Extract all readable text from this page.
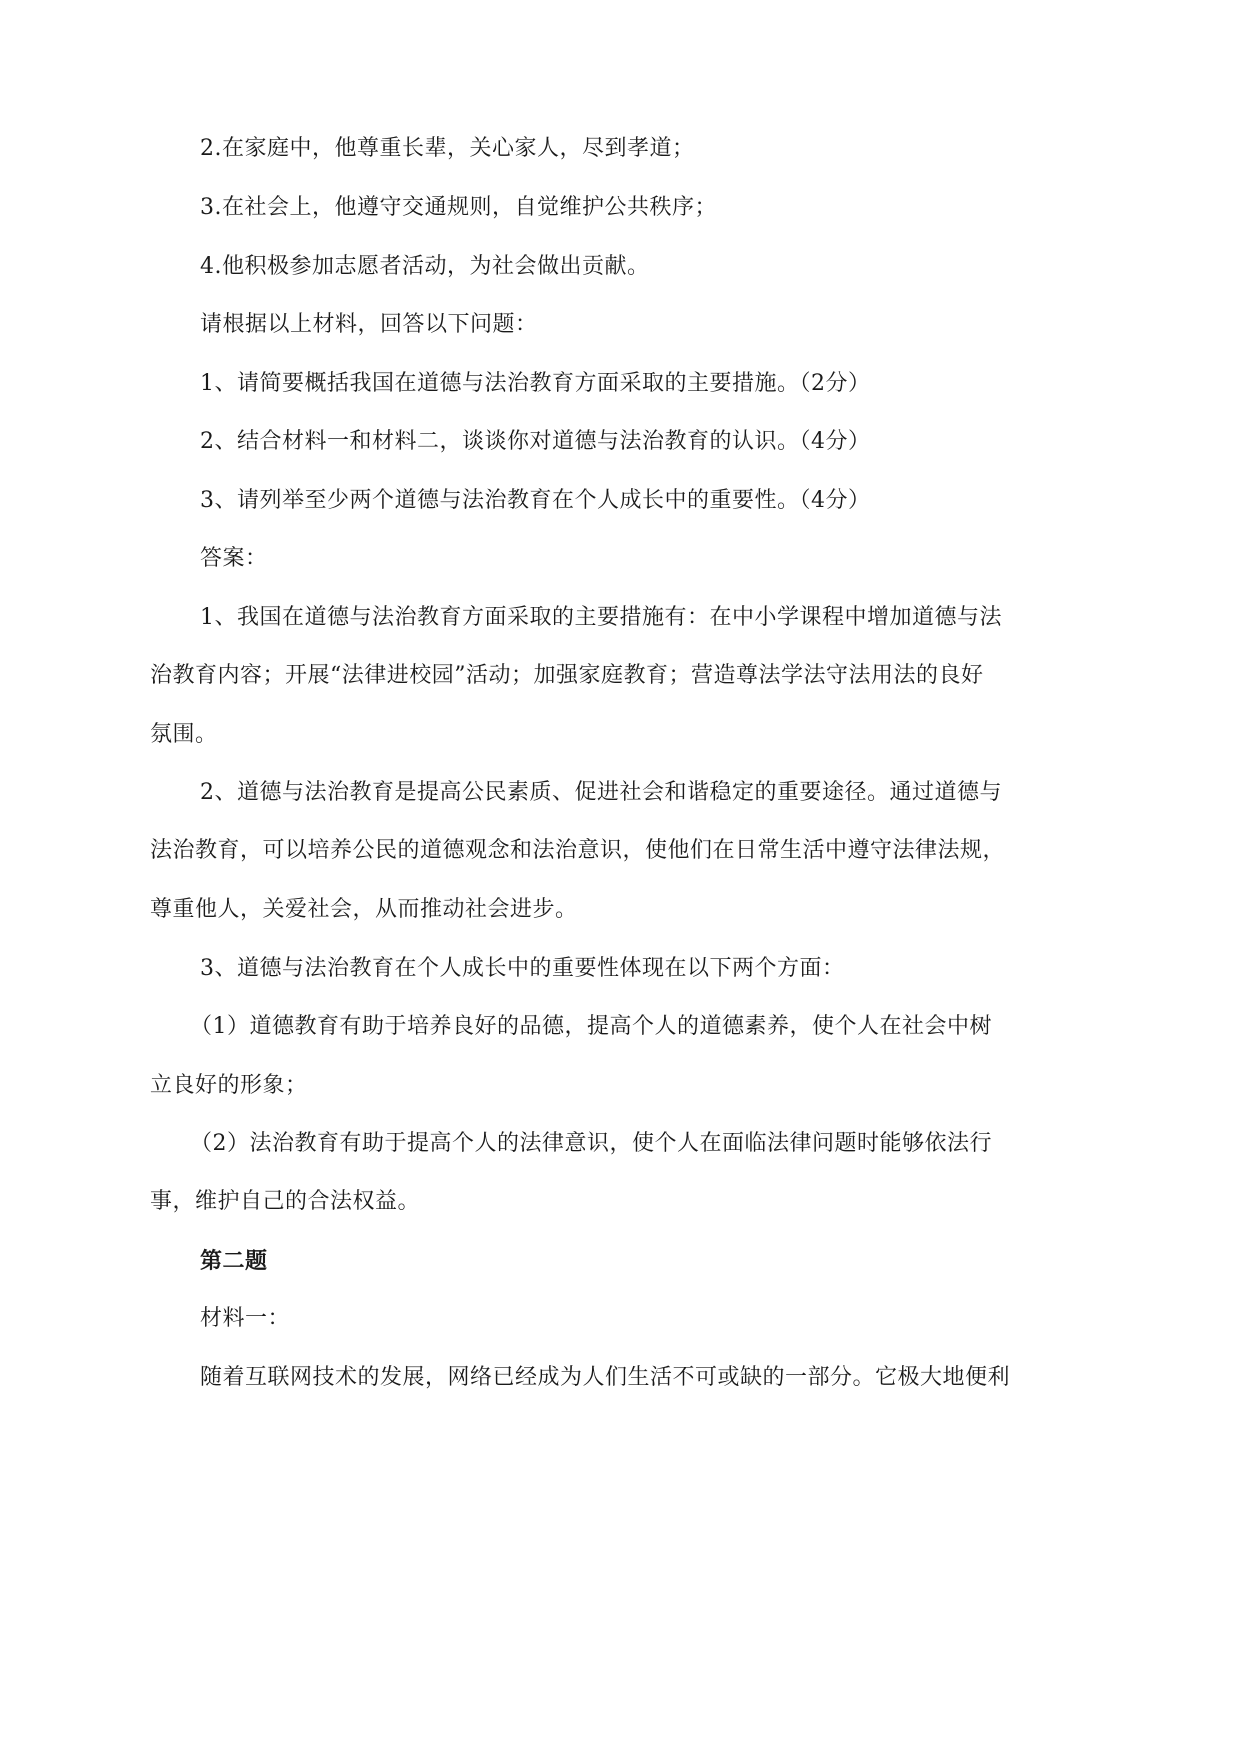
2.在家庭中，他尊重长辈，关心家人，尽到孝道；
3.在社会上，他遵守交通规则，自觉维护公共秩序；
4.他积极参加志愿者活动，为社会做出贡献。
请根据以上材料，回答以下问题：
1、请简要概括我国在道德与法治教育方面采取的主要措施。（2分）
2、结合材料一和材料二，谈谈你对道德与法治教育的认识。（4分）
3、请列举至少两个道德与法治教育在个人成长中的重要性。（4分）
答案：
1、我国在道德与法治教育方面采取的主要措施有：在中小学课程中增加道德与法
治教育内容；开展“法律进校园”活动；加强家庭教育；营造尊法学法守法用法的良好
氛围。
2、道德与法治教育是提高公民素质、促进社会和谐稳定的重要途径。通过道德与
法治教育，可以培养公民的道德观念和法治意识，使他们在日常生活中遵守法律法规，
尊重他人，关爱社会，从而推动社会进步。
3、道德与法治教育在个人成长中的重要性体现在以下两个方面：
（1）道德教育有助于培养良好的品德，提高个人的道德素养，使个人在社会中树
立良好的形象；
（2）法治教育有助于提高个人的法律意识，使个人在面临法律问题时能够依法行
事，维护自己的合法权益。
第二题
材料一：
随着互联网技术的发展，网络已经成为人们生活不可或缺的一部分。它极大地便利
